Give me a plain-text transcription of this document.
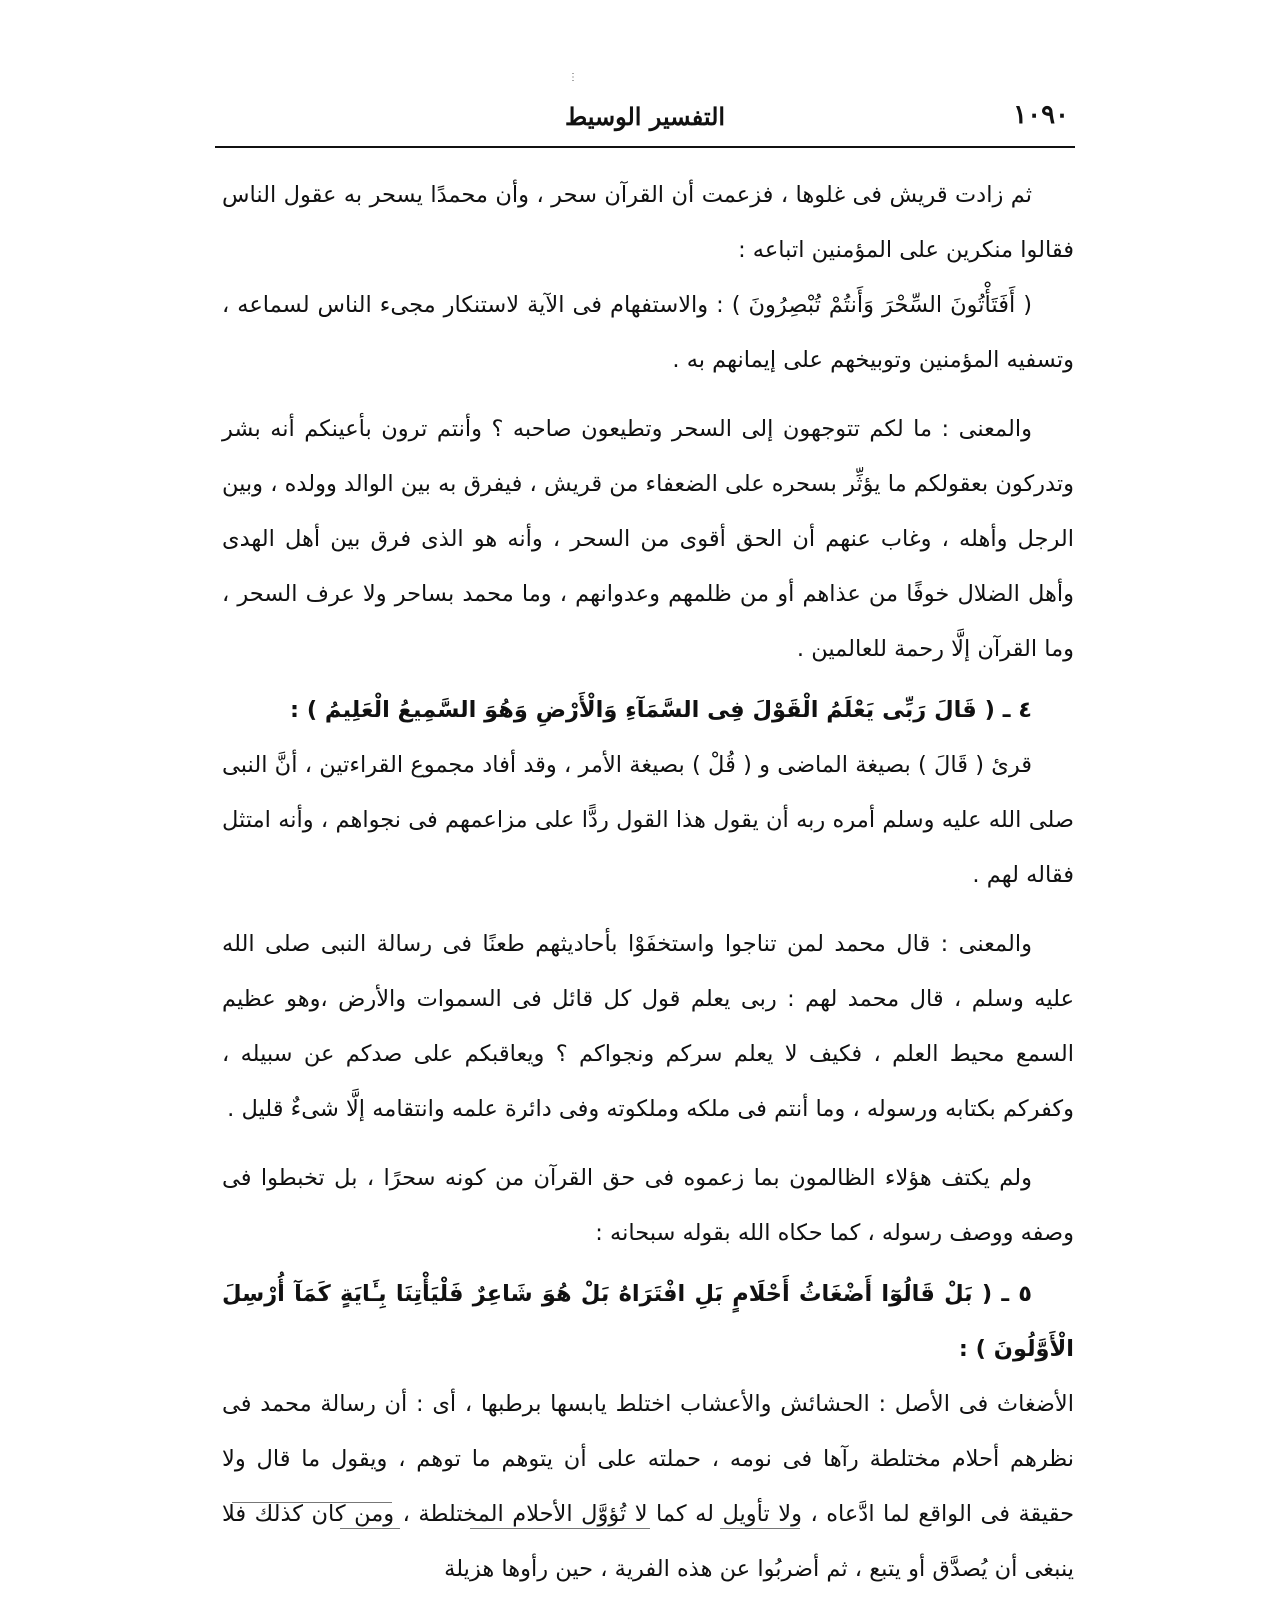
⋮
التفسير الوسيط	١٠٩٠

ثم زادت قريش فى غلوها ، فزعمت أن القرآن سحر ، وأن محمدًا يسحر به عقول الناس فقالوا منكرين على المؤمنين اتباعه :

( أَفَتَأْتُونَ السِّحْرَ وَأَنتُمْ تُبْصِرُونَ ) : والاستفهام فى الآية لاستنكار مجىء الناس لسماعه ، وتسفيه المؤمنين وتوبيخهم على إيمانهم به .

والمعنى : ما لكم تتوجهون إلى السحر وتطيعون صاحبه ؟ وأنتم ترون بأعينكم أنه بشر وتدركون بعقولكم ما يؤثِّر بسحره على الضعفاء من قريش ، فيفرق به بين الوالد وولده ، وبين الرجل وأهله ، وغاب عنهم أن الحق أقوى من السحر ، وأنه هو الذى فرق بين أهل الهدى وأهل الضلال خوفًا من عذاهم أو من ظلمهم وعدوانهم ، وما محمد بساحر ولا عرف السحر ، وما القرآن إلَّا رحمة للعالمين .

٤ ـ ( قَالَ رَبِّى يَعْلَمُ الْقَوْلَ فِى السَّمَآءِ وَالْأَرْضِ وَهُوَ السَّمِيعُ الْعَلِيمُ ) :

قرئ ( قَالَ ) بصيغة الماضى و ( قُلْ ) بصيغة الأمر ، وقد أفاد مجموع القراءتين ، أنَّ النبى صلى الله عليه وسلم أمره ربه أن يقول هذا القول ردًّا على مزاعمهم فى نجواهم ، وأنه امتثل فقاله لهم .

والمعنى : قال محمد لمن تناجوا واستخفَوْا بأحاديثهم طعنًا فى رسالة النبى صلى الله عليه وسلم ، قال محمد لهم : ربى يعلم قول كل قائل فى السموات والأرض ،وهو عظيم السمع محيط العلم ، فكيف لا يعلم سركم ونجواكم ؟ ويعاقبكم على صدكم عن سبيله ، وكفركم بكتابه ورسوله ، وما أنتم فى ملكه وملكوته وفى دائرة علمه وانتقامه إلَّا شىءٌ قليل .

ولم يكتف هؤلاء الظالمون بما زعموه فى حق القرآن من كونه سحرًا ، بل تخبطوا فى وصفه ووصف رسوله ، كما حكاه الله بقوله سبحانه :

٥ ـ ( بَلْ قَالُوٓا أَضْغَاثُ أَحْلَامٍ بَلِ افْتَرَاهُ بَلْ هُوَ شَاعِرٌ فَلْيَأْتِنَا بِـَٔايَةٍ كَمَآ أُرْسِلَ الْأَوَّلُونَ ) :

الأضغاث فى الأصل : الحشائش والأعشاب اختلط يابسها برطبها ، أى : أن رسالة محمد فى نظرهم أحلام مختلطة رآها فى نومه ، حملته على أن يتوهم ما توهم ، ويقول ما قال ولا حقيقة فى الواقع لما ادَّعاه ، ولا تأويل له كما لا تُؤوَّل الأحلام المختلطة ، ومن كان كذلك فلا ينبغى أن يُصدَّق أو يتبع ، ثم أضربُوا عن هذه الفرية ، حين رأوها هزيلة
